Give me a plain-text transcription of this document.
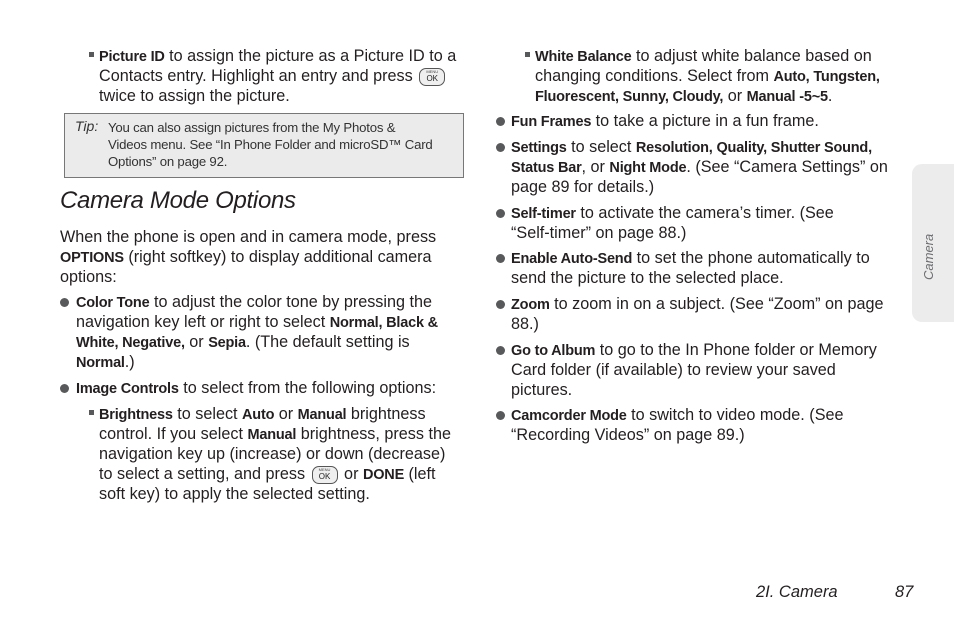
Picture ID to assign the picture as a Picture ID to a

Contacts entry. Highlight an entry and press	MENU
OK

twice to assign the picture.

Tip: You can also assign pictures from the My Photos &
Videos menu. See “In Phone Folder and microSD™ Card
Options” on page 92.
Camera Mode Options

When the phone is open and in camera mode, press

OPTIONS (right softkey) to display additional camera

options:

Color Tone to adjust the color tone by pressing the

navigation key left or right to select Normal, Black &

White, Negative, or Sepia. (The default setting is

Normal.)

Image Controls to select from the following options:

Brightness to select Auto or Manual brightness

control. If you select Manual brightness, press the

navigation key up (increase) or down (decrease)

to select a setting, and press	MENU
OK or DONE (left

soft key) to apply the selected setting.

White Balance to adjust white balance based on

changing conditions. Select from Auto, Tungsten,

Fluorescent, Sunny, Cloudy, or Manual -5~5.

Fun Frames to take a picture in a fun frame.

Settings to select Resolution, Quality, Shutter Sound,

Status Bar, or Night Mode. (See “Camera Settings” on

page 89 for details.)

Self-timer to activate the camera’s timer. (See

“Self-timer” on page 88.)

Enable Auto-Send to set the phone automatically to

send the picture to the selected place.

Zoom to zoom in on a subject. (See “Zoom” on page

88.)

Go to Album to go to the In Phone folder or Memory

Card folder (if available) to review your saved

pictures.

Camcorder Mode to switch to video mode. (See

“Recording Videos” on page 89.)

Camera
2I. Camera	87
